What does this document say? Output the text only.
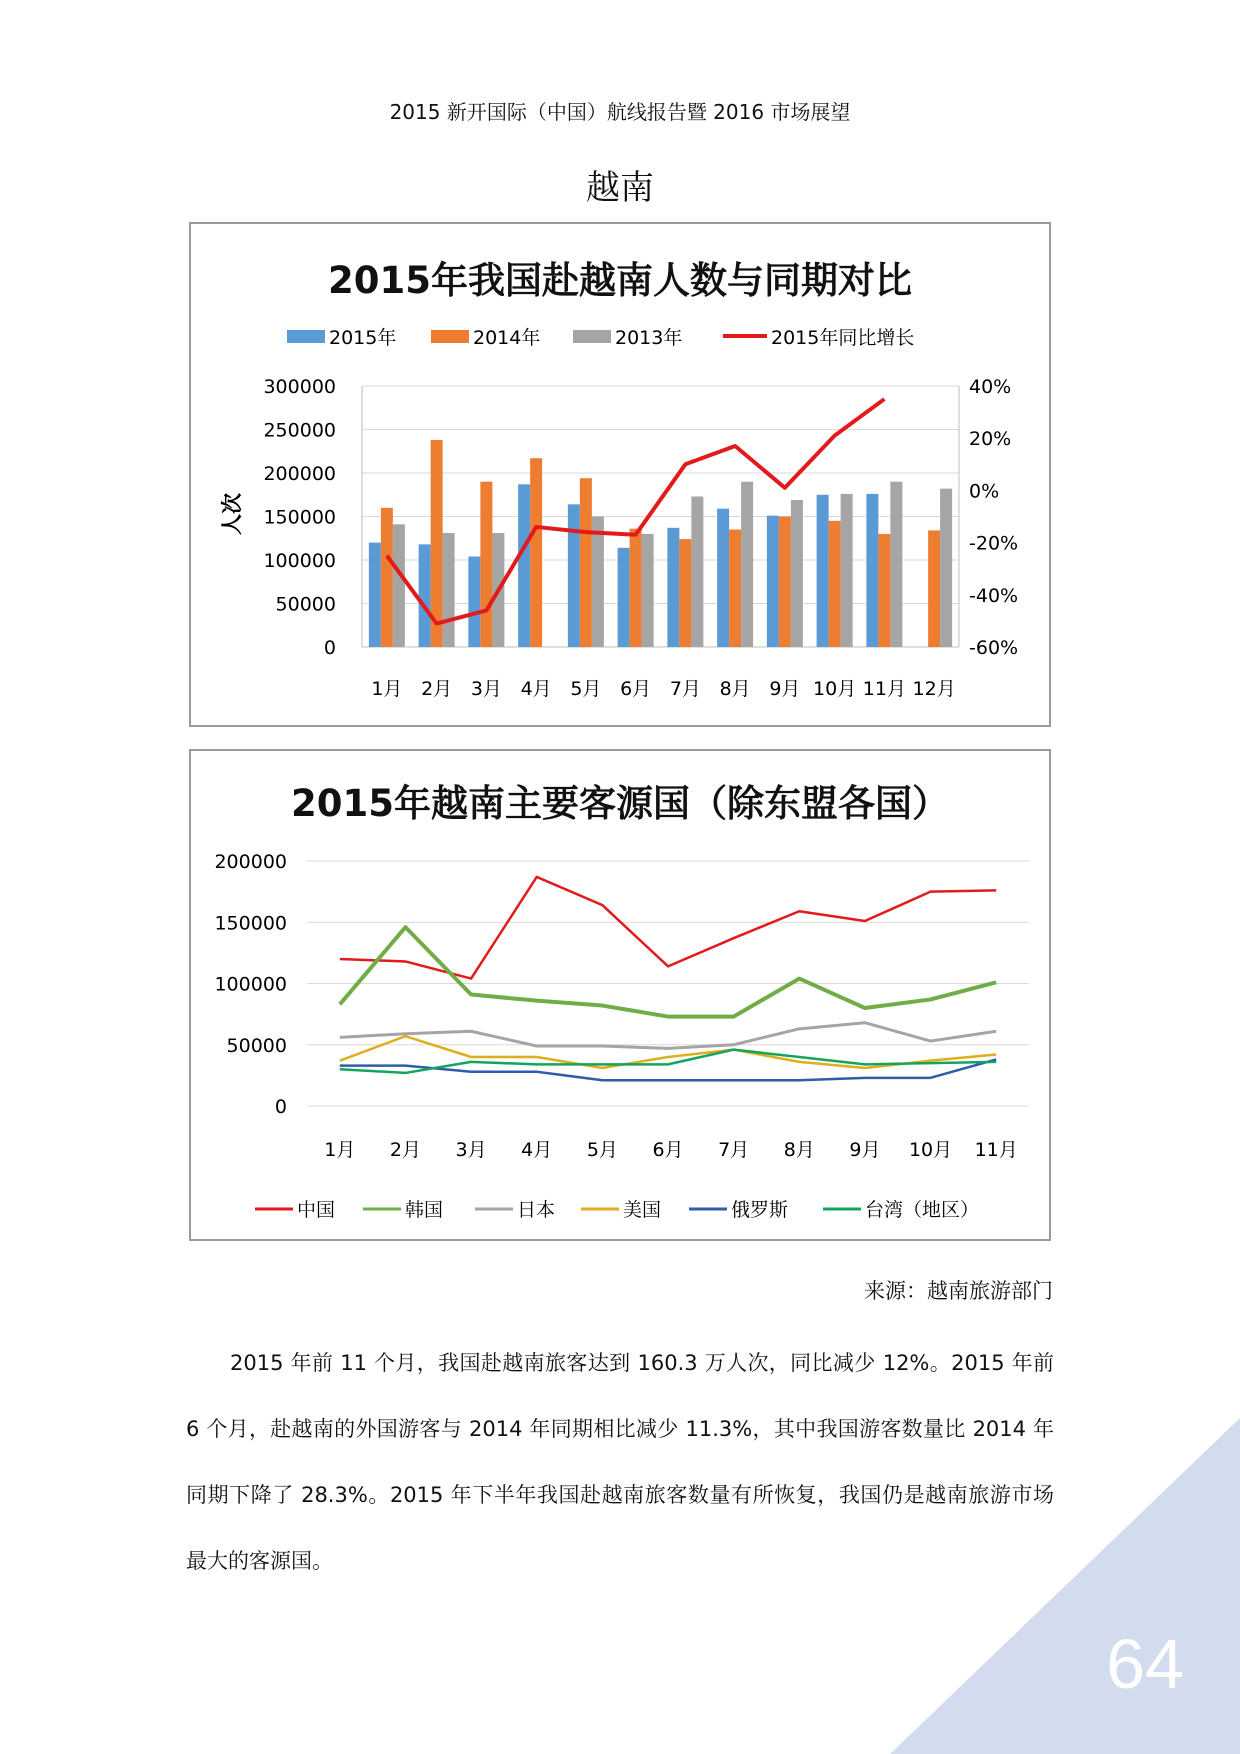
64
2015 新开国际（中国）航线报告暨 2016 市场展望
越南
2015年我国赴越南人数与同期对比
300000
250000
200000
150000
100000
50000
0
40%
20%
0%
-20%
-40%
-60%
人次
1月 2月 3月 4月 5月 6月 7月 8月 9月 10月 11月 12月
2015年	2014年	2013年	2015年同比增长
2015年越南主要客源国（除东盟各国）
200000
150000
100000
50000
0
1月 2月 3月 4月 5月 6月 7月 8月 9月 10月 11月
中国	韩国	日本	美国	俄罗斯	台湾（地区）
来源：越南旅游部门

2015 年前 11 个月，我国赴越南旅客达到 160.3 万人次，同比减少 12%。2015 年前 6 个月，赴越南的外国游客与 2014 年同期相比减少 11.3%，其中我国游客数量比 2014 年同期下降了 28.3%。2015 年下半年我国赴越南旅客数量有所恢复，我国仍是越南旅游市场最大的客源国。
